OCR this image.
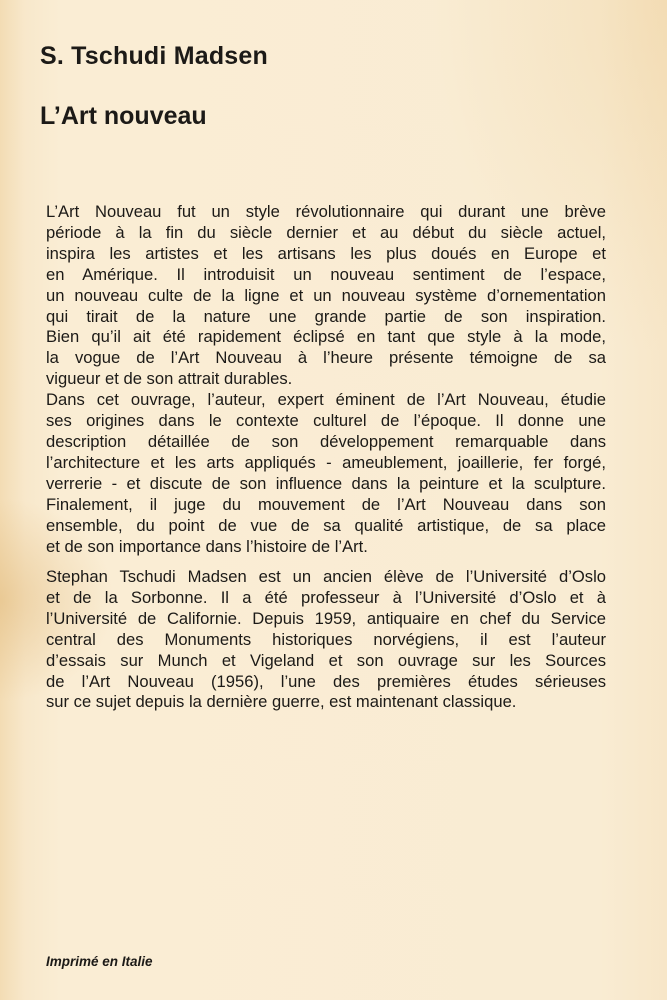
S. Tschudi Madsen
L’Art nouveau
L’Art Nouveau fut un style révolutionnaire qui durant une brève
période à la fin du siècle dernier et au début du siècle actuel,
inspira les artistes et les artisans les plus doués en Europe et
en Amérique. Il introduisit un nouveau sentiment de l’espace,
un nouveau culte de la ligne et un nouveau système d’ornementation
qui tirait de la nature une grande partie de son inspiration.
Bien qu’il ait été rapidement éclipsé en tant que style à la mode,
la vogue de l’Art Nouveau à l’heure présente témoigne de sa
vigueur et de son attrait durables.
Dans cet ouvrage, l’auteur, expert éminent de l’Art Nouveau, étudie
ses origines dans le contexte culturel de l’époque. Il donne une
description détaillée de son développement remarquable dans
l’architecture et les arts appliqués - ameublement, joaillerie, fer forgé,
verrerie - et discute de son influence dans la peinture et la sculpture.
Finalement, il juge du mouvement de l’Art Nouveau dans son
ensemble, du point de vue de sa qualité artistique, de sa place
et de son importance dans l’histoire de l’Art.
Stephan Tschudi Madsen est un ancien élève de l’Université d’Oslo
et de la Sorbonne. Il a été professeur à l’Université d’Oslo et à
l’Université de Californie. Depuis 1959, antiquaire en chef du Service
central des Monuments historiques norvégiens, il est l’auteur
d’essais sur Munch et Vigeland et son ouvrage sur les Sources
de l’Art Nouveau (1956), l’une des premières études sérieuses
sur ce sujet depuis la dernière guerre, est maintenant classique.

Imprimé en Italie
